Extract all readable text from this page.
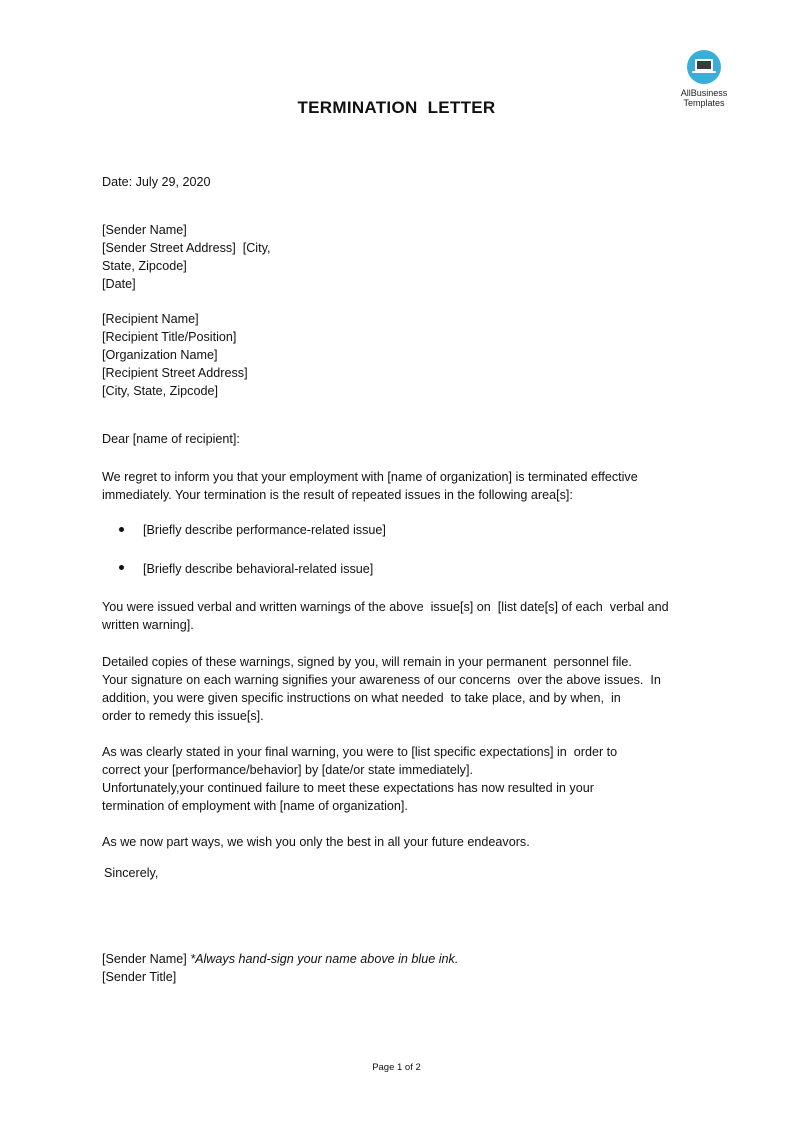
AllBusiness
Templates
TERMINATION  LETTER
Date: July 29, 2020
[Sender Name]
[Sender Street Address]  [City,
State, Zipcode]
[Date]
[Recipient Name]
[Recipient Title/Position]
[Organization Name]
[Recipient Street Address]
[City, State, Zipcode]
Dear [name of recipient]:
We regret to inform you that your employment with [name of organization] is terminated effective
immediately. Your termination is the result of repeated issues in the following area[s]:
[Briefly describe performance-related issue]
[Briefly describe behavioral-related issue]
You were issued verbal and written warnings of the above  issue[s] on  [list date[s] of each  verbal and
written warning].
Detailed copies of these warnings, signed by you, will remain in your permanent  personnel file.
Your signature on each warning signifies your awareness of our concerns  over the above issues.  In
addition, you were given specific instructions on what needed  to take place, and by when,  in
order to remedy this issue[s].
As was clearly stated in your final warning, you were to [list specific expectations] in  order to
correct your [performance/behavior] by [date/or state immediately].
Unfortunately,your continued failure to meet these expectations has now resulted in your
termination of employment with [name of organization].
As we now part ways, we wish you only the best in all your future endeavors.
Sincerely,
[Sender Name] *Always hand-sign your name above in blue ink.
[Sender Title]
Page 1 of 2
